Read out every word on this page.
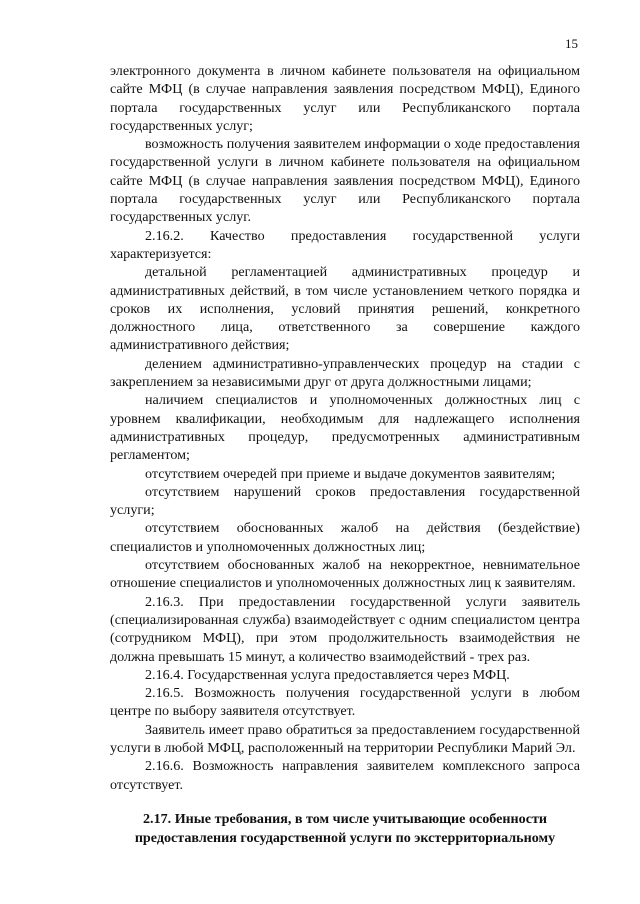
15

электронного документа в личном кабинете пользователя на официальном сайте МФЦ (в случае направления заявления посредством МФЦ), Единого портала государственных услуг или Республиканского портала государственных услуг;

возможность получения заявителем информации о ходе предоставления государственной услуги в личном кабинете пользователя на официальном сайте МФЦ (в случае направления заявления посредством МФЦ), Единого портала государственных услуг или Республиканского портала государственных услуг.

2.16.2. Качество предоставления государственной услуги характеризуется:

детальной регламентацией административных процедур и административных действий, в том числе установлением четкого порядка и сроков их исполнения, условий принятия решений, конкретного должностного лица, ответственного за совершение каждого административного действия;

делением административно-управленческих процедур на стадии с закреплением за независимыми друг от друга должностными лицами;

наличием специалистов и уполномоченных должностных лиц с уровнем квалификации, необходимым для надлежащего исполнения административных процедур, предусмотренных административным регламентом;

отсутствием очередей при приеме и выдаче документов заявителям;

отсутствием нарушений сроков предоставления государственной услуги;

отсутствием обоснованных жалоб на действия (бездействие) специалистов и уполномоченных должностных лиц;

отсутствием обоснованных жалоб на некорректное, невнимательное отношение специалистов и уполномоченных должностных лиц к заявителям.

2.16.3. При предоставлении государственной услуги заявитель (специализированная служба) взаимодействует с одним специалистом центра (сотрудником МФЦ), при этом продолжительность взаимодействия не должна превышать 15 минут, а количество взаимодействий - трех раз.

2.16.4. Государственная услуга предоставляется через МФЦ.

2.16.5. Возможность получения государственной услуги в любом центре по выбору заявителя отсутствует.

Заявитель имеет право обратиться за предоставлением государственной услуги в любой МФЦ, расположенный на территории Республики Марий Эл.

2.16.6. Возможность направления заявителем комплексного запроса отсутствует.

2.17. Иные требования, в том числе учитывающие особенности
предоставления государственной услуги по экстерриториальному
